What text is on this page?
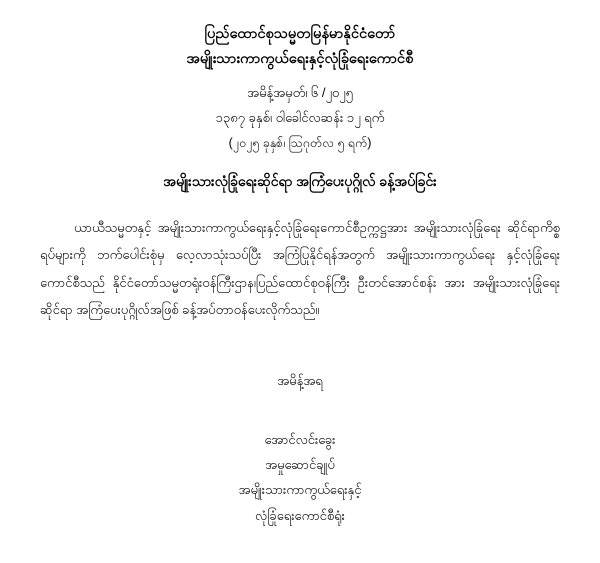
ပြည်ထောင်စုသမ္မတမြန်မာနိုင်ငံတော်
အမျိုးသားကာကွယ်ရေးနှင့်လုံခြုံရေးကောင်စီ
အမိန့်အမှတ်၊ ၆ /၂၀၂၅
၁၃၈၇ ခုနှစ်၊ ဝါခေါင်လဆန်း ၁၂ ရက်
(၂၀၂၅ ခုနှစ်၊ ဩဂုတ်လ ၅ ရက်)
အမျိုးသားလုံခြုံရေးဆိုင်ရာ အကြံပေးပုဂ္ဂိုလ် ခန့်အပ်ခြင်း

ယာယီသမ္မတနှင့် အမျိုးသားကာကွယ်ရေးနှင့်လုံခြုံရေးကောင်စီဥက္ကဋ္ဌအား အမျိုးသားလုံခြုံရေး ဆိုင်ရာကိစ္စရပ်များကို ဘက်ပေါင်းစုံမှ လေ့လာသုံးသပ်ပြီး အကြံပြုနိုင်ရန်အတွက် အမျိုးသားကာကွယ်ရေး နှင့်လုံခြုံရေးကောင်စီသည် နိုင်ငံတော်သမ္မတရုံးဝန်ကြီးဌာန၊ပြည်ထောင်စုဝန်ကြီး ဦးတင်အောင်စန်း အား အမျိုးသားလုံခြုံရေးဆိုင်ရာ အကြံပေးပုဂ္ဂိုလ်အဖြစ် ခန့်အပ်တာဝန်ပေးလိုက်သည်။

အမိန့်အရ
အောင်လင်းခွေး
အမှုဆောင်ချုပ်
အမျိုးသားကာကွယ်ရေးနှင့်
လုံခြုံရေးကောင်စီရုံး
